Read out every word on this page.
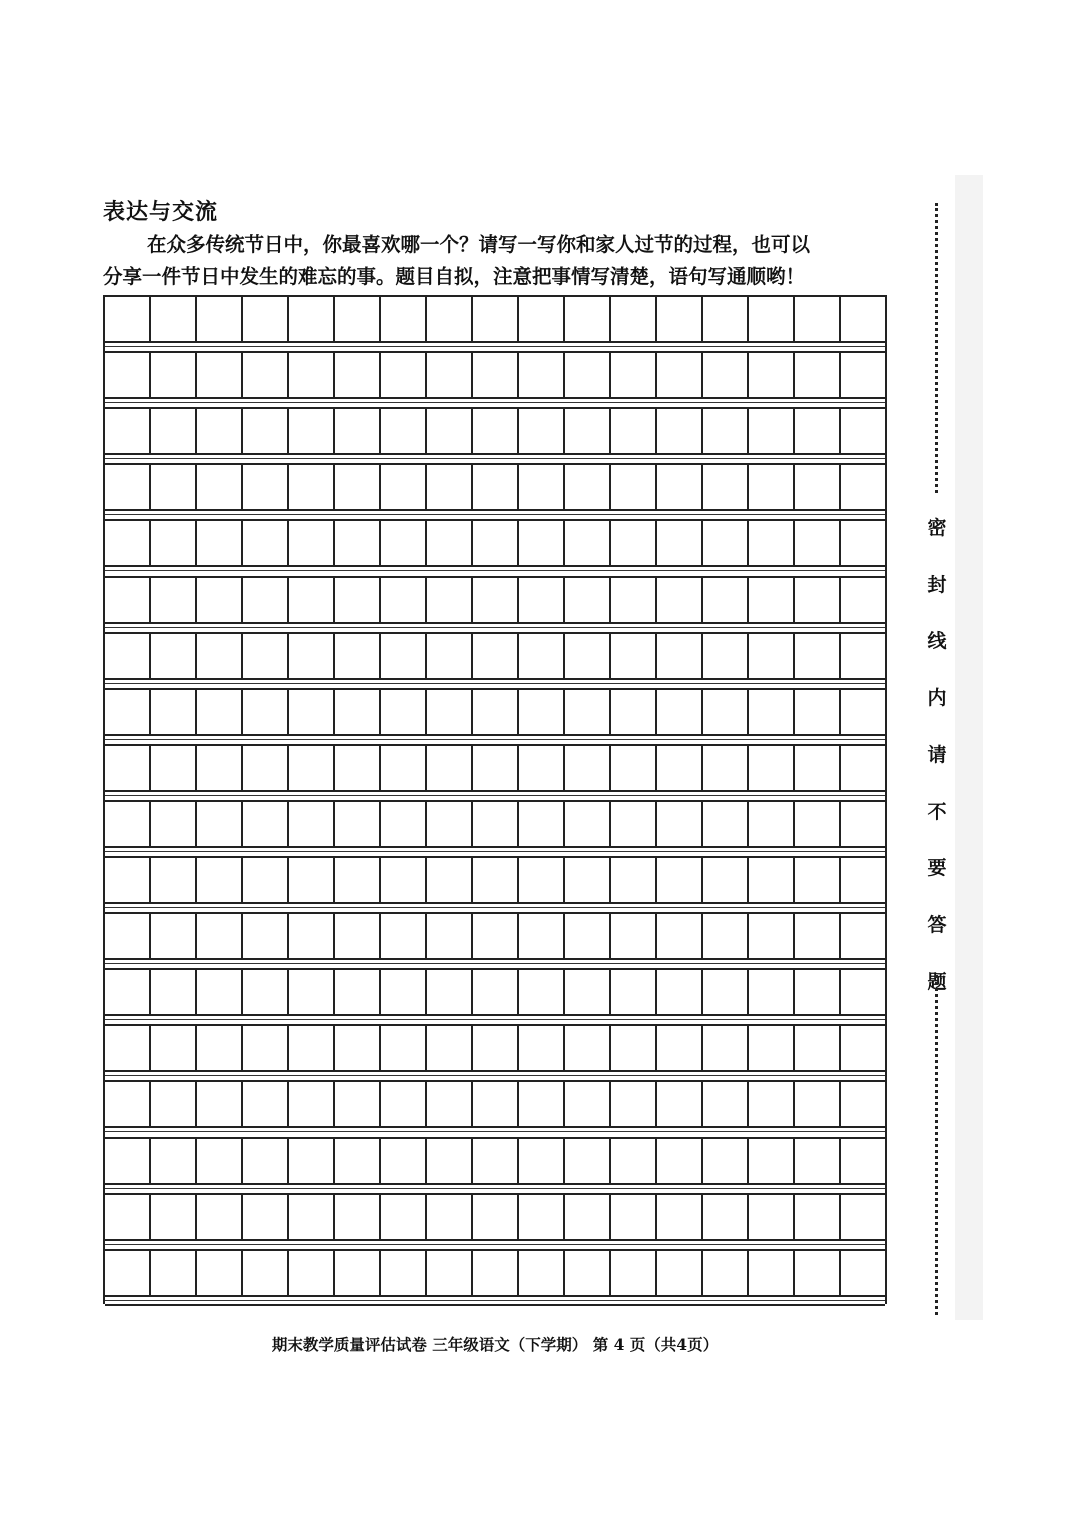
表达与交流
在众多传统节日中，你最喜欢哪一个？请写一写你和家人过节的过程，也可以
分享一件节日中发生的难忘的事。题目自拟，注意把事情写清楚，语句写通顺哟！
密
封
线
内
请
不
要
答
题
期末教学质量评估试卷 三年级语文（下学期） 第 4 页（共4页）
